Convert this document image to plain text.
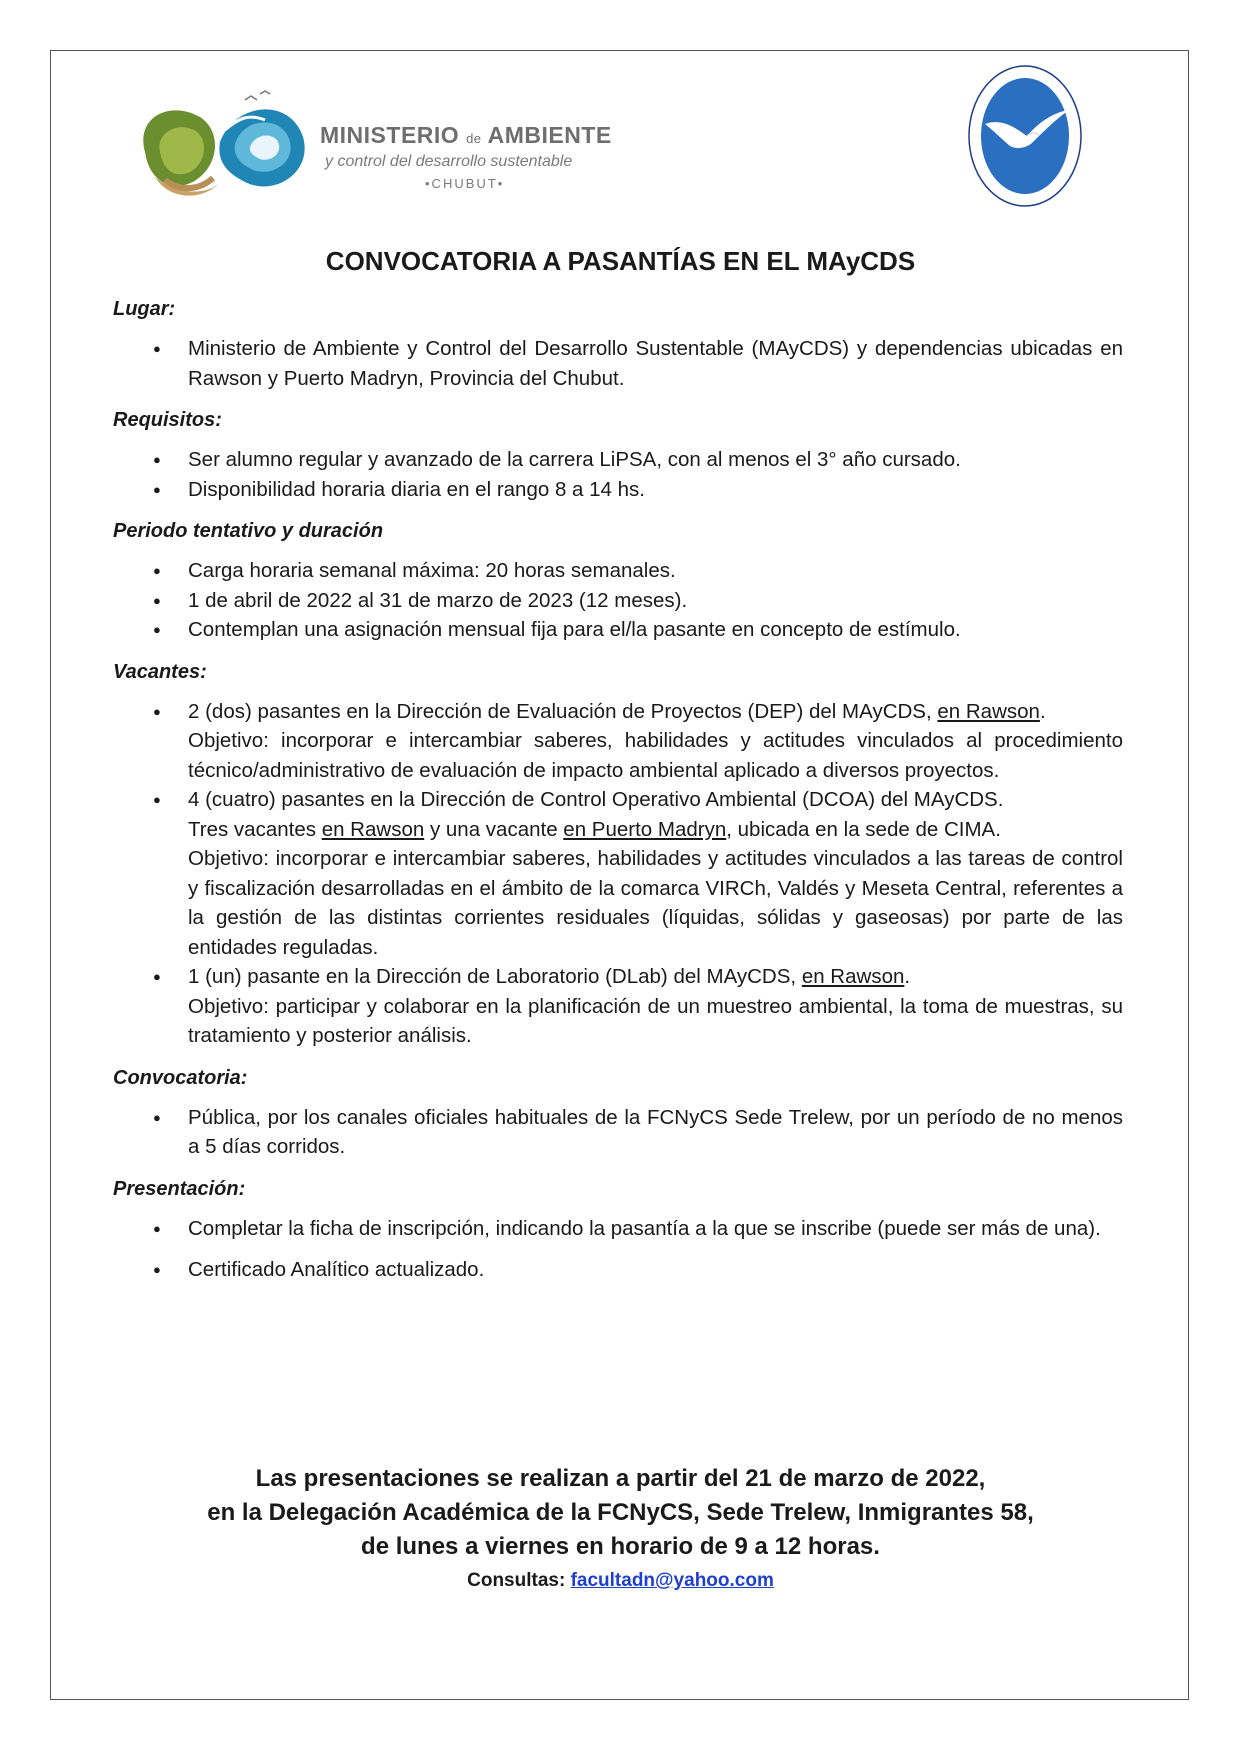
MINISTERIO de AMBIENTE
y control del desarrollo sustentable
•CHUBUT•
CONVOCATORIA A PASANTÍAS EN EL MAyCDS
Lugar:
● Ministerio de Ambiente y Control del Desarrollo Sustentable (MAyCDS) y dependencias ubicadas en Rawson y Puerto Madryn, Provincia del Chubut.
Requisitos:
● Ser alumno regular y avanzado de la carrera LiPSA, con al menos el 3° año cursado.
● Disponibilidad horaria diaria en el rango 8 a 14 hs.
Periodo tentativo y duración
● Carga horaria semanal máxima: 20 horas semanales.
● 1 de abril de 2022 al 31 de marzo de 2023 (12 meses).
● Contemplan una asignación mensual fija para el/la pasante en concepto de estímulo.
Vacantes:
● 2 (dos) pasantes en la Dirección de Evaluación de Proyectos (DEP) del MAyCDS, en Rawson.
Objetivo: incorporar e intercambiar saberes, habilidades y actitudes vinculados al procedimiento técnico/administrativo de evaluación de impacto ambiental aplicado a diversos proyectos.
● 4 (cuatro) pasantes en la Dirección de Control Operativo Ambiental (DCOA) del MAyCDS.
Tres vacantes en Rawson y una vacante en Puerto Madryn, ubicada en la sede de CIMA.
Objetivo: incorporar e intercambiar saberes, habilidades y actitudes vinculados a las tareas de control y fiscalización desarrolladas en el ámbito de la comarca VIRCh, Valdés y Meseta Central, referentes a la gestión de las distintas corrientes residuales (líquidas, sólidas y gaseosas) por parte de las entidades reguladas.
● 1 (un) pasante en la Dirección de Laboratorio (DLab) del MAyCDS, en Rawson.
Objetivo: participar y colaborar en la planificación de un muestreo ambiental, la toma de muestras, su tratamiento y posterior análisis.
Convocatoria:
● Pública, por los canales oficiales habituales de la FCNyCS Sede Trelew, por un período de no menos a 5 días corridos.
Presentación:
● Completar la ficha de inscripción, indicando la pasantía a la que se inscribe (puede ser más de una).
● Certificado Analítico actualizado.
Las presentaciones se realizan a partir del 21 de marzo de 2022,
en la Delegación Académica de la FCNyCS, Sede Trelew, Inmigrantes 58,
de lunes a viernes en horario de 9 a 12 horas.
Consultas: facultadn@yahoo.com
